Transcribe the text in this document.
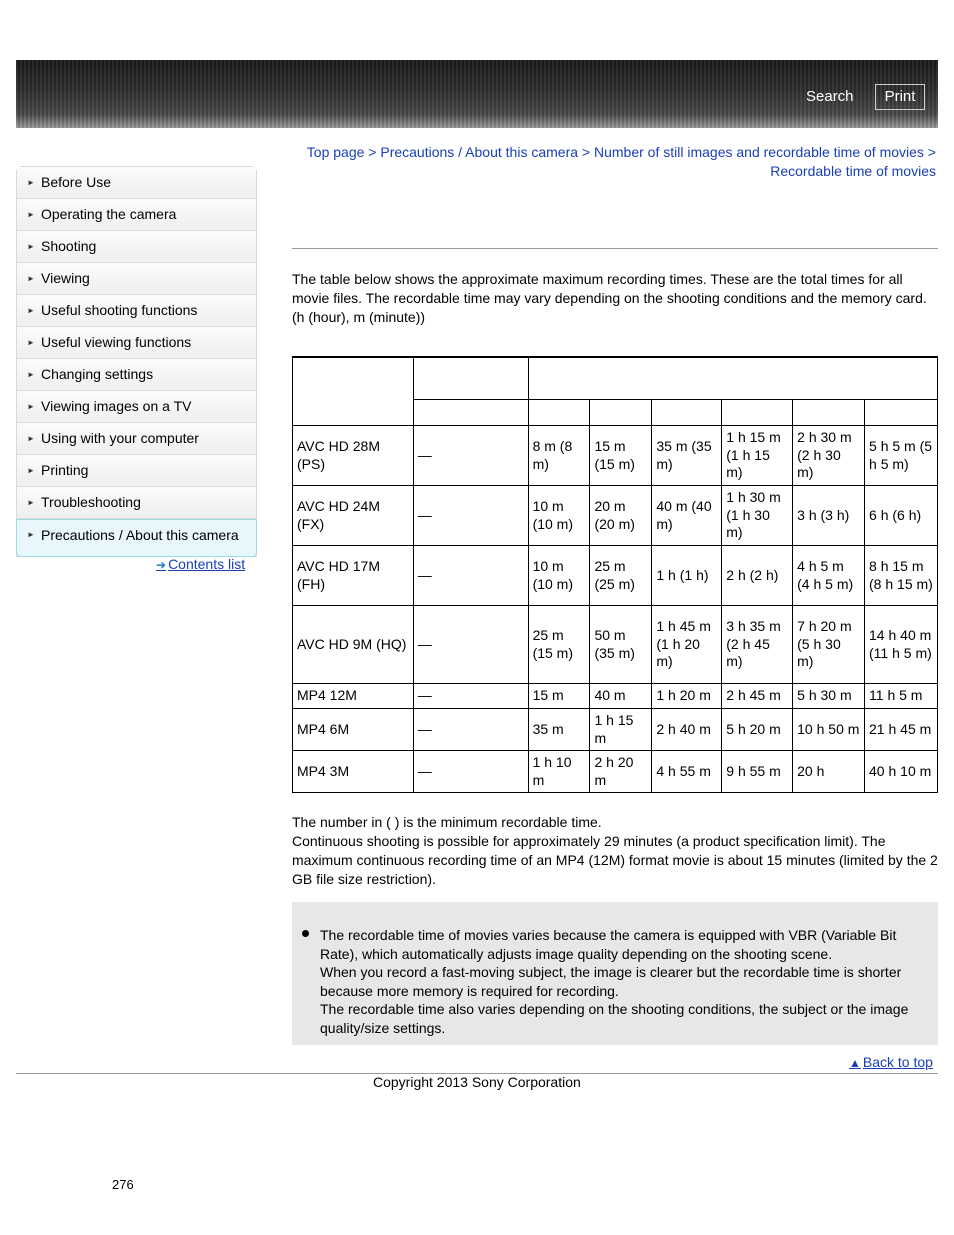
Search	Print
Top page > Precautions / About this camera > Number of still images and recordable time of movies > Recordable time of movies
► Before Use
► Operating the camera
► Shooting
► Viewing
► Useful shooting functions
► Useful viewing functions
► Changing settings
► Viewing images on a TV
► Using with your computer
► Printing
► Troubleshooting
► Precautions / About this camera
➜ Contents list

The table below shows the approximate maximum recording times. These are the total times for all movie files. The recordable time may vary depending on the shooting conditions and the memory card.

(h (hour), m (minute))

AVC HD 28M (PS)	—	8 m (8 m)	15 m (15 m)	35 m (35 m)	1 h 15 m (1 h 15 m)	2 h 30 m (2 h 30 m)	5 h 5 m (5 h 5 m)
AVC HD 24M (FX)	—	10 m (10 m)	20 m (20 m)	40 m (40 m)	1 h 30 m (1 h 30 m)	3 h (3 h)	6 h (6 h)
AVC HD 17M (FH)	—	10 m (10 m)	25 m (25 m)	1 h (1 h)	2 h (2 h)	4 h 5 m (4 h 5 m)	8 h 15 m (8 h 15 m)
AVC HD 9M (HQ)	—	25 m (15 m)	50 m (35 m)	1 h 45 m (1 h 20 m)	3 h 35 m (2 h 45 m)	7 h 20 m (5 h 30 m)	14 h 40 m (11 h 5 m)
MP4 12M	—	15 m	40 m	1 h 20 m	2 h 45 m	5 h 30 m	11 h 5 m
MP4 6M	—	35 m	1 h 15 m	2 h 40 m	5 h 20 m	10 h 50 m	21 h 45 m
MP4 3M	—	1 h 10 m	2 h 20 m	4 h 55 m	9 h 55 m	20 h	40 h 10 m

The number in ( ) is the minimum recordable time.

Continuous shooting is possible for approximately 29 minutes (a product specification limit). The maximum continuous recording time of an MP4 (12M) format movie is about 15 minutes (limited by the 2 GB file size restriction).

The recordable time of movies varies because the camera is equipped with VBR (Variable Bit Rate), which automatically adjusts image quality depending on the shooting scene.

When you record a fast-moving subject, the image is clearer but the recordable time is shorter because more memory is required for recording.

The recordable time also varies depending on the shooting conditions, the subject or the image quality/size settings.

▲ Back to top
Copyright 2013 Sony Corporation
276
